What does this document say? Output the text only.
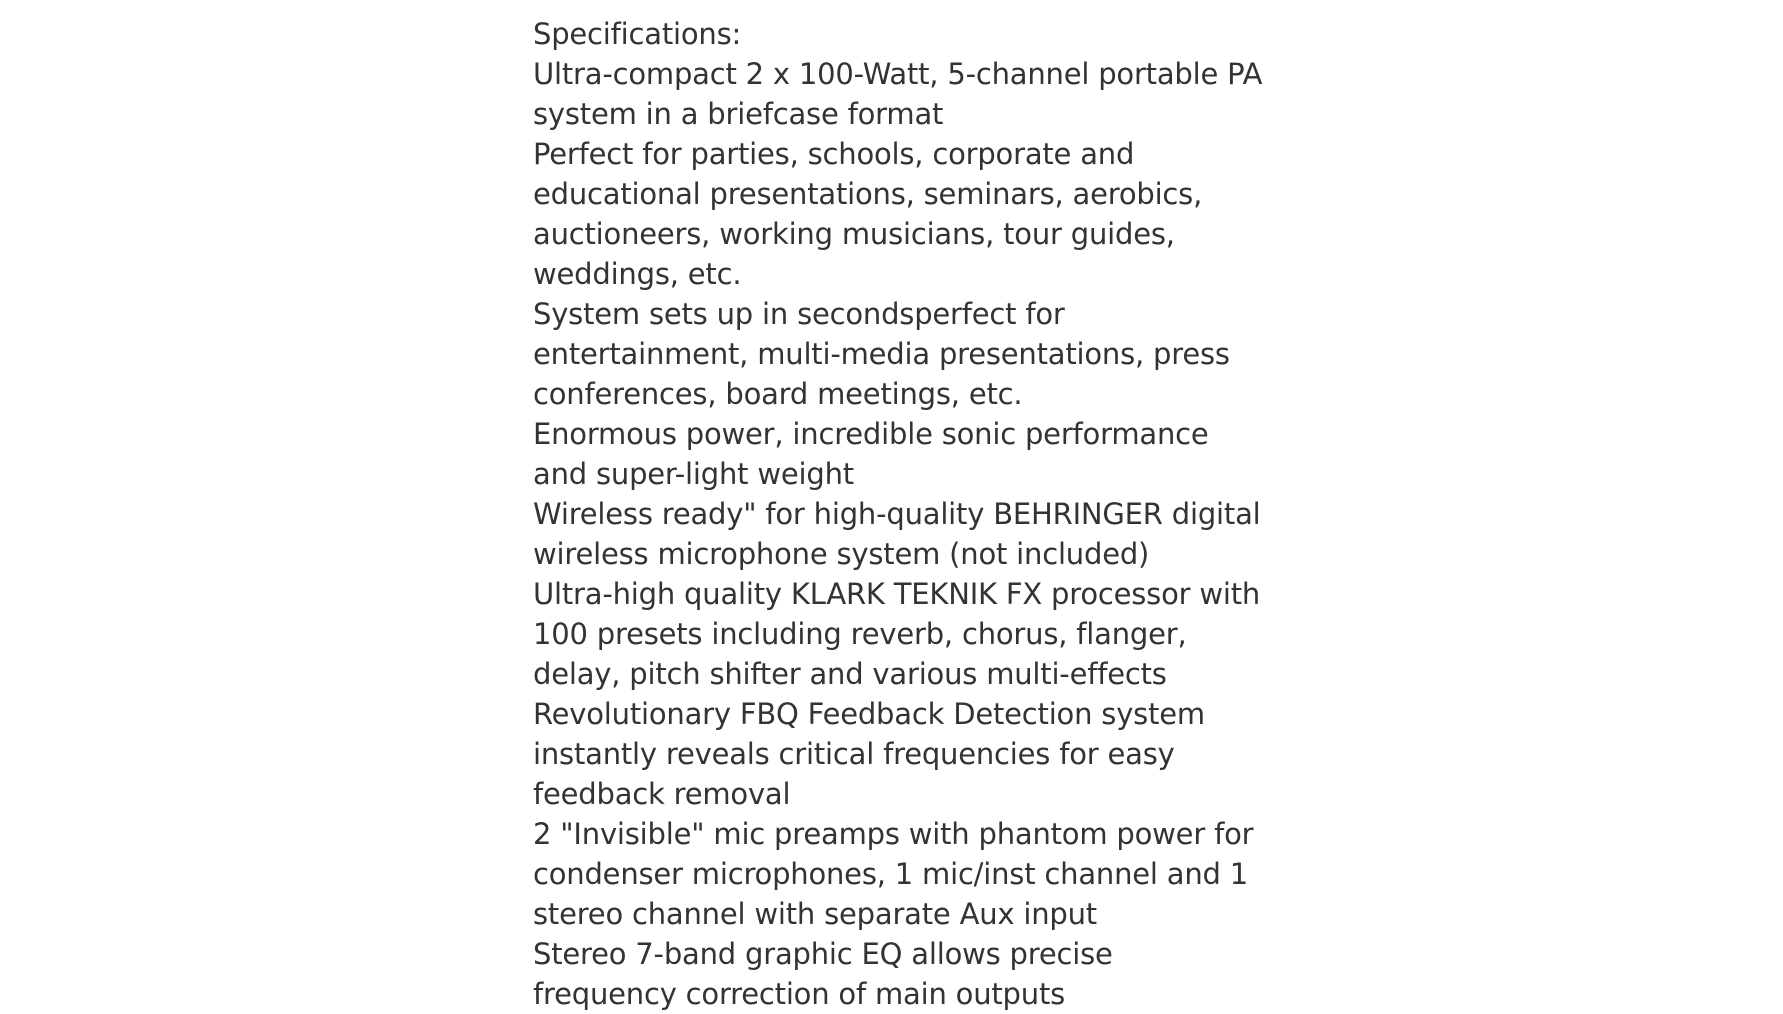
Specifications:

Ultra-compact 2 x 100-Watt, 5-channel portable PA system in a briefcase format

Perfect for parties, schools, corporate and educational presentations, seminars, aerobics, auctioneers, working musicians, tour guides, weddings, etc.

System sets up in secondsperfect for entertainment, multi-media presentations, press conferences, board meetings, etc.

Enormous power, incredible sonic performance and super-light weight

Wireless ready" for high-quality BEHRINGER digital wireless microphone system (not included)

Ultra-high quality KLARK TEKNIK FX processor with 100 presets including reverb, chorus, flanger, delay, pitch shifter and various multi-effects

Revolutionary FBQ Feedback Detection system instantly reveals critical frequencies for easy feedback removal

2 "Invisible" mic preamps with phantom power for condenser microphones, 1 mic/inst channel and 1 stereo channel with separate Aux input

Stereo 7-band graphic EQ allows precise frequency correction of main outputs
